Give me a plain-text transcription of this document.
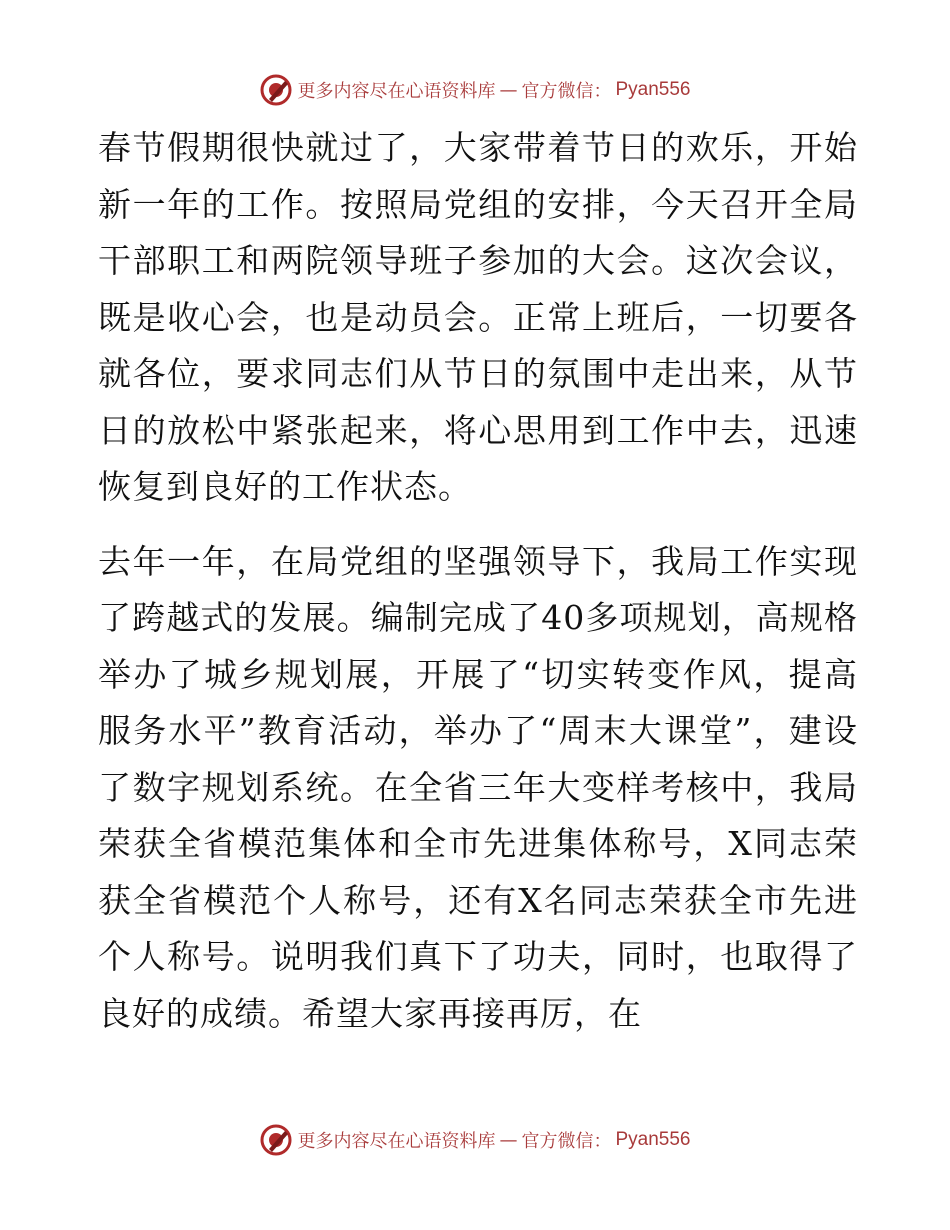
更多内容尽在心语资料库 — 官方微信： Pyan556

春节假期很快就过了，大家带着节日的欢乐，开始新一年的工作。按照局党组的安排，今天召开全局干部职工和两院领导班子参加的大会。这次会议，既是收心会，也是动员会。正常上班后，一切要各就各位，要求同志们从节日的氛围中走出来，从节日的放松中紧张起来，将心思用到工作中去，迅速恢复到良好的工作状态。

去年一年，在局党组的坚强领导下，我局工作实现了跨越式的发展。编制完成了40多项规划，高规格举办了城乡规划展，开展了“切实转变作风，提高服务水平”教育活动，举办了“周末大课堂”，建设了数字规划系统。在全省三年大变样考核中，我局荣获全省模范集体和全市先进集体称号，X同志荣获全省模范个人称号，还有X名同志荣获全市先进个人称号。说明我们真下了功夫，同时，也取得了良好的成绩。希望大家再接再厉，在

更多内容尽在心语资料库 — 官方微信： Pyan556
